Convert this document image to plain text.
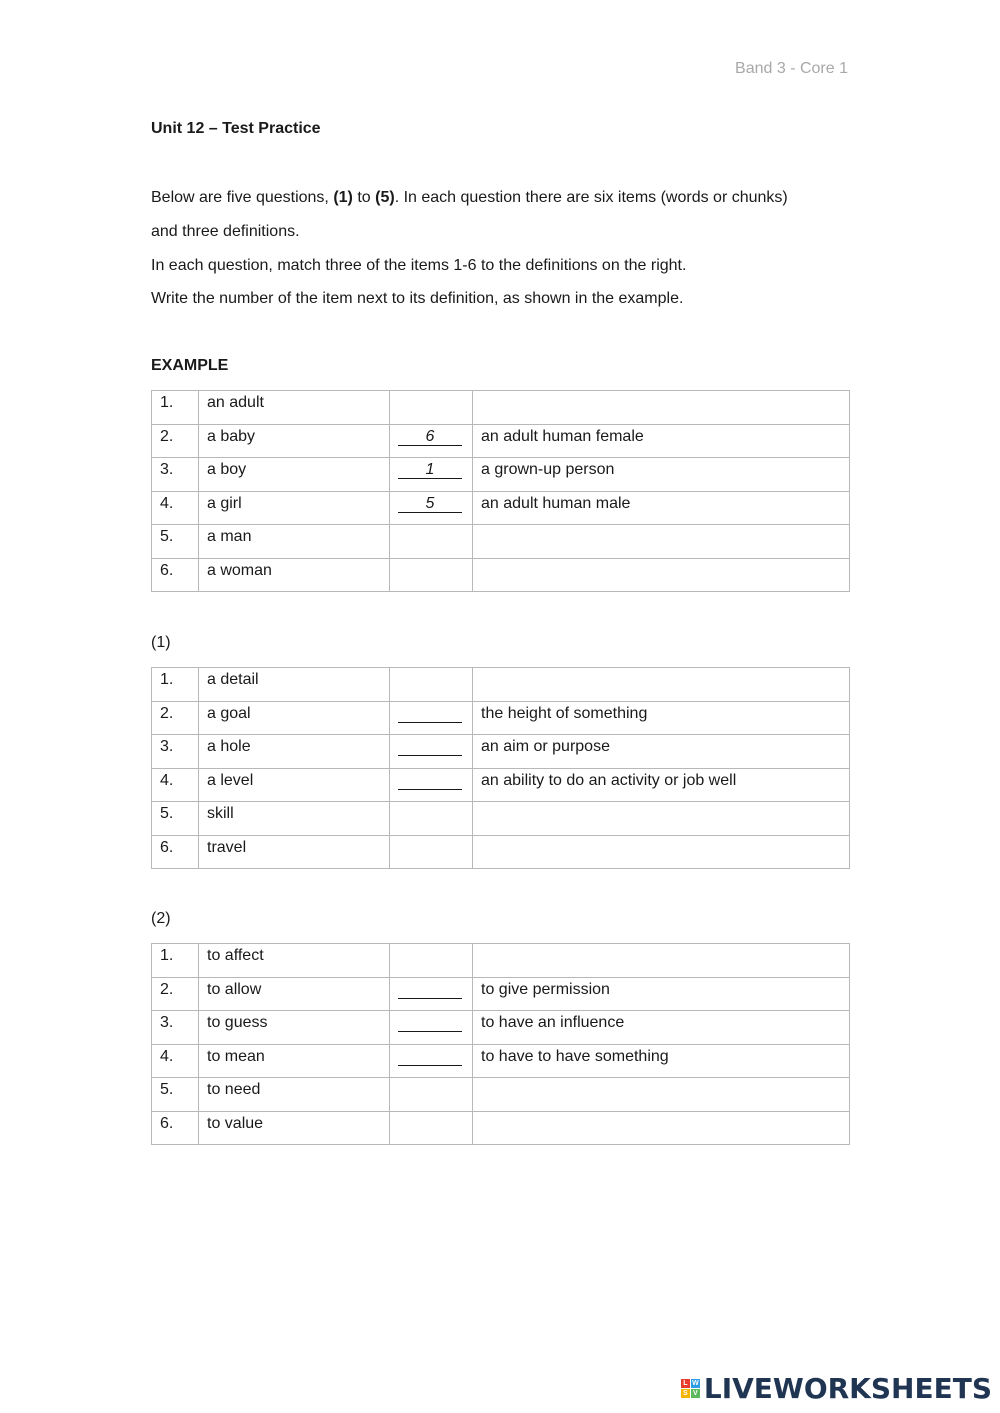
Band 3 - Core 1
Unit 12 – Test Practice
Below are five questions, (1) to (5). In each question there are six items (words or chunks)
and three definitions.
In each question, match three of the items 1-6 to the definitions on the right.
Write the number of the item next to its definition, as shown in the example.
EXAMPLE
1.	an adult		
2.	a baby	6	an adult human female
3.	a boy	1	a grown-up person
4.	a girl	5	an adult human male
5.	a man		
6.	a woman		
(1)
1.	a detail		
2.	a goal		the height of something
3.	a hole		an aim or purpose
4.	a level		an ability to do an activity or job well
5.	skill		
6.	travel		
(2)
1.	to affect		
2.	to allow		to give permission
3.	to guess		to have an influence
4.	to mean		to have to have something
5.	to need		
6.	to value		
L W
S V LIVEWORKSHEETS
